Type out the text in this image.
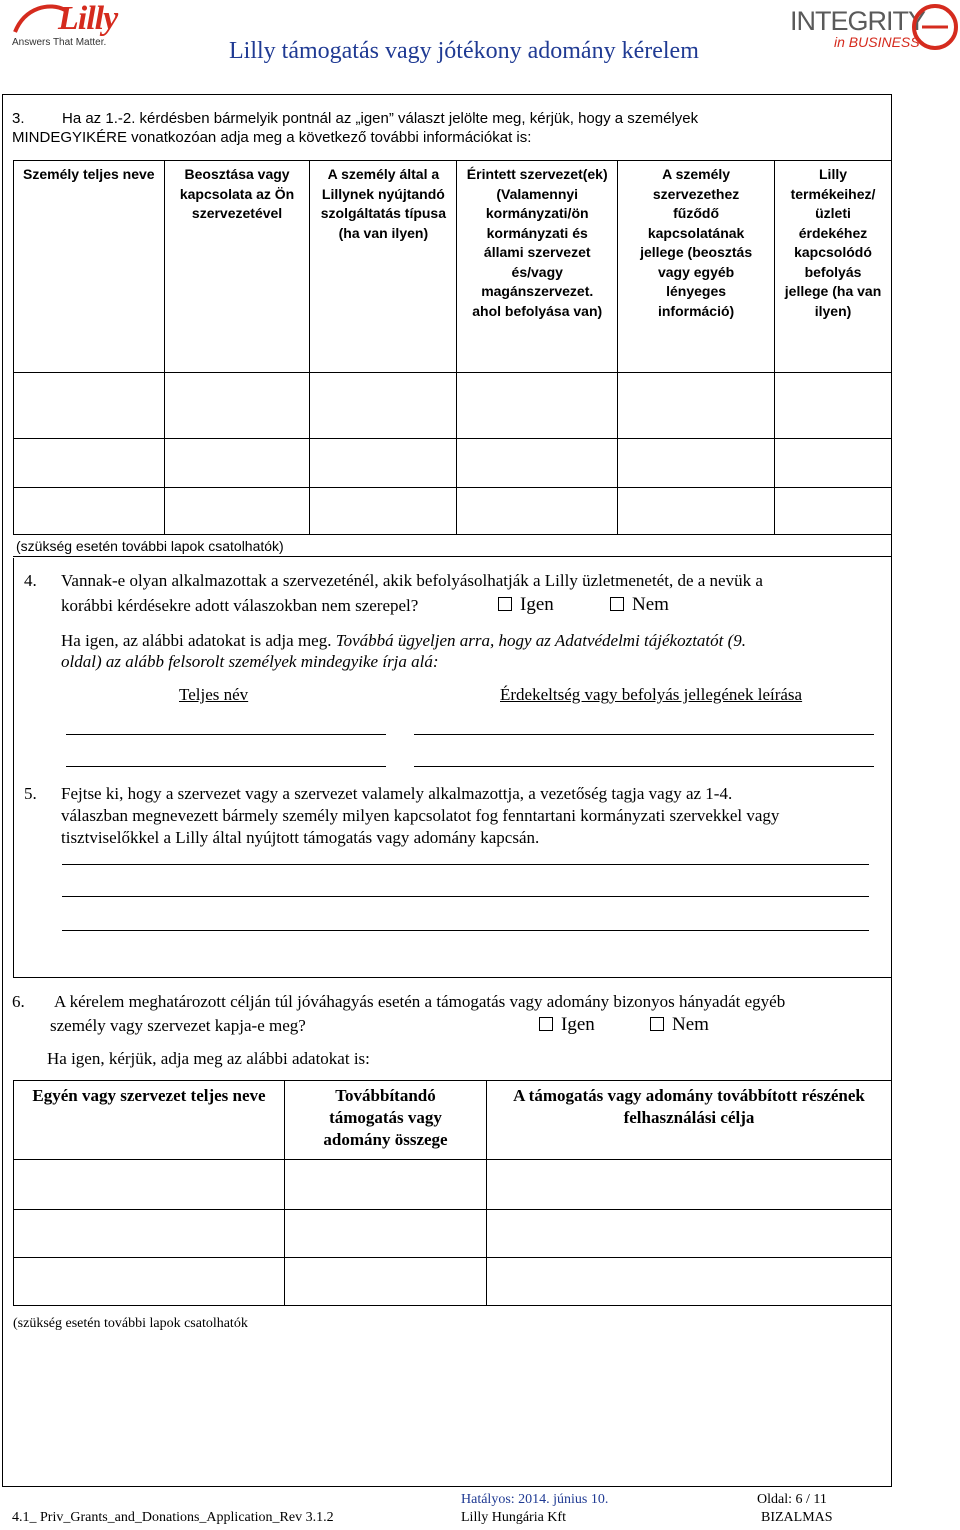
Lilly
Answers That Matter.
INTEGRITY
in BUSINESS
Lilly támogatás vagy jótékony adomány kérelem
3. Ha az 1.-2. kérdésben bármelyik pontnál az „igen” választ jelölte meg, kérjük, hogy a személyek
MINDEGYIKÉRE vonatkozóan adja meg a következő további információkat is:
Személy teljes neve	Beosztása vagy kapcsolata az Ön szervezetével	A személy által a Lillynek nyújtandó szolgáltatás típusa (ha van ilyen)	Érintett szervezet(ek) (Valamennyi kormányzati/ön kormányzati és állami szervezet és/vagy magánszervezet. ahol befolyása van)	A személy szervezethez fűződő kapcsolatának jellege (beosztás vagy egyéb lényeges információ)	Lilly termékeihez/ üzleti érdekéhez kapcsolódó befolyás jellege (ha van ilyen)

(szükség esetén további lapok csatolhatók)
4. Vannak-e olyan alkalmazottak a szervezeténél, akik befolyásolhatják a Lilly üzletmenetét, de a nevük a
korábbi kérdésekre adott válaszokban nem szerepel?	Igen	Nem
Ha igen, az alábbi adatokat is adja meg. Továbbá ügyeljen arra, hogy az Adatvédelmi tájékoztatót (9.
oldal) az alább felsorolt személyek mindegyike írja alá:
Teljes név	Érdekeltség vagy befolyás jellegének leírása
5. Fejtse ki, hogy a szervezet vagy a szervezet valamely alkalmazottja, a vezetőség tagja vagy az 1-4.
válaszban megnevezett bármely személy milyen kapcsolatot fog fenntartani kormányzati szervekkel vagy
tisztviselőkkel a Lilly által nyújtott támogatás vagy adomány kapcsán.
6. A kérelem meghatározott célján túl jóváhagyás esetén a támogatás vagy adomány bizonyos hányadát egyéb
személy vagy szervezet kapja-e meg?	Igen	Nem
Ha igen, kérjük, adja meg az alábbi adatokat is:
Egyén vagy szervezet teljes neve	Továbbítandó támogatás vagy adomány összege	A támogatás vagy adomány továbbított részének felhasználási célja

(szükség esetén további lapok csatolhatók
Hatályos: 2014. június 10.	Oldal: 6 / 11
4.1_ Priv_Grants_and_Donations_Application_Rev 3.1.2	Lilly Hungária Kft	BIZALMAS
